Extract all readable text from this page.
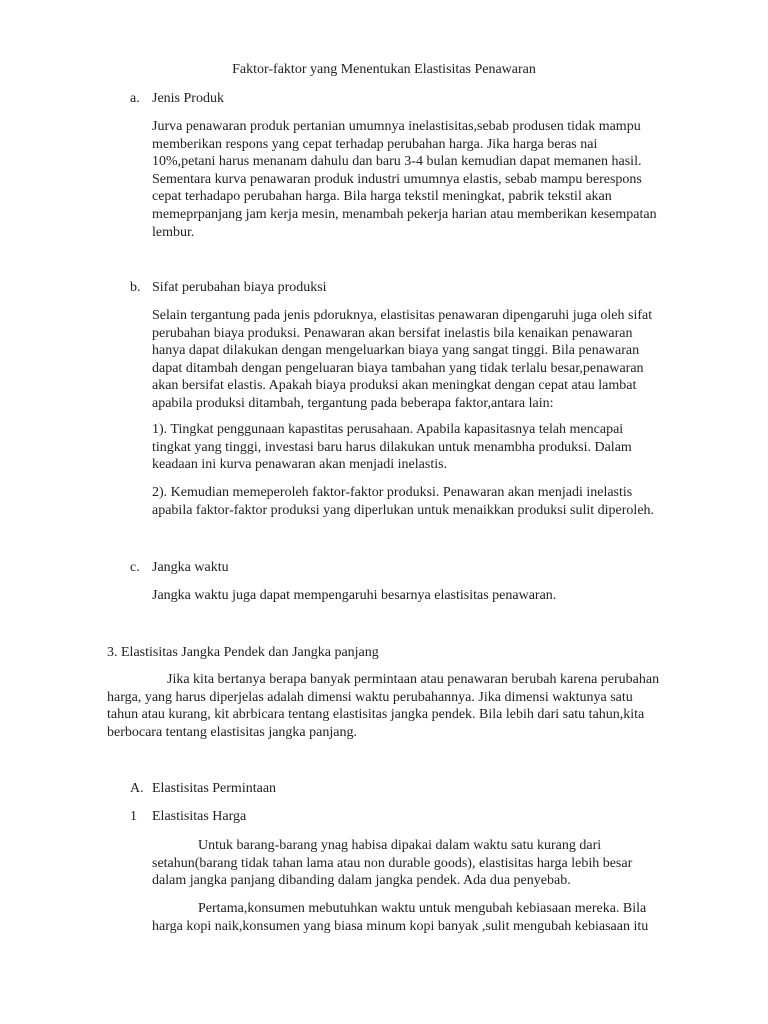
Faktor-faktor yang Menentukan Elastisitas Penawaran
a. Jenis Produk
Jurva penawaran produk pertanian umumnya inelastisitas,sebab produsen tidak mampu
memberikan respons yang cepat terhadap perubahan harga. Jika harga beras nai
10%,petani harus menanam dahulu dan baru 3-4 bulan kemudian dapat memanen hasil.
Sementara kurva penawaran produk industri umumnya elastis, sebab mampu berespons
cepat terhadapo perubahan harga. Bila harga tekstil meningkat, pabrik tekstil akan
memeprpanjang jam kerja mesin, menambah pekerja harian atau memberikan kesempatan
lembur.
b. Sifat perubahan biaya produksi
Selain tergantung pada jenis pdoruknya, elastisitas penawaran dipengaruhi juga oleh sifat
perubahan biaya produksi. Penawaran akan bersifat inelastis bila kenaikan penawaran
hanya dapat dilakukan dengan mengeluarkan biaya yang sangat tinggi. Bila penawaran
dapat ditambah dengan pengeluaran biaya tambahan yang tidak terlalu besar,penawaran
akan bersifat elastis. Apakah biaya produksi akan meningkat dengan cepat atau lambat
apabila produksi ditambah, tergantung pada beberapa faktor,antara lain:
1). Tingkat penggunaan kapastitas perusahaan. Apabila kapasitasnya telah mencapai
tingkat yang tinggi, investasi baru harus dilakukan untuk menambha produksi. Dalam
keadaan ini kurva penawaran akan menjadi inelastis.
2). Kemudian memeperoleh faktor-faktor produksi. Penawaran akan menjadi inelastis
apabila faktor-faktor produksi yang diperlukan untuk menaikkan produksi sulit diperoleh.
c. Jangka waktu
Jangka waktu juga dapat mempengaruhi besarnya elastisitas penawaran.
3. Elastisitas Jangka Pendek dan Jangka panjang
Jika kita bertanya berapa banyak permintaan atau penawaran berubah karena perubahan
harga, yang harus diperjelas adalah dimensi waktu perubahannya. Jika dimensi waktunya satu
tahun atau kurang, kit abrbicara tentang elastisitas jangka pendek. Bila lebih dari satu tahun,kita
berbocara tentang elastisitas jangka panjang.
A. Elastisitas Permintaan
1 Elastisitas Harga
Untuk barang-barang ynag habisa dipakai dalam waktu satu kurang dari
setahun(barang tidak tahan lama atau non durable goods), elastisitas harga lebih besar
dalam jangka panjang dibanding dalam jangka pendek. Ada dua penyebab.
Pertama,konsumen mebutuhkan waktu untuk mengubah kebiasaan mereka. Bila
harga kopi naik,konsumen yang biasa minum kopi banyak ,sulit mengubah kebiasaan itu
